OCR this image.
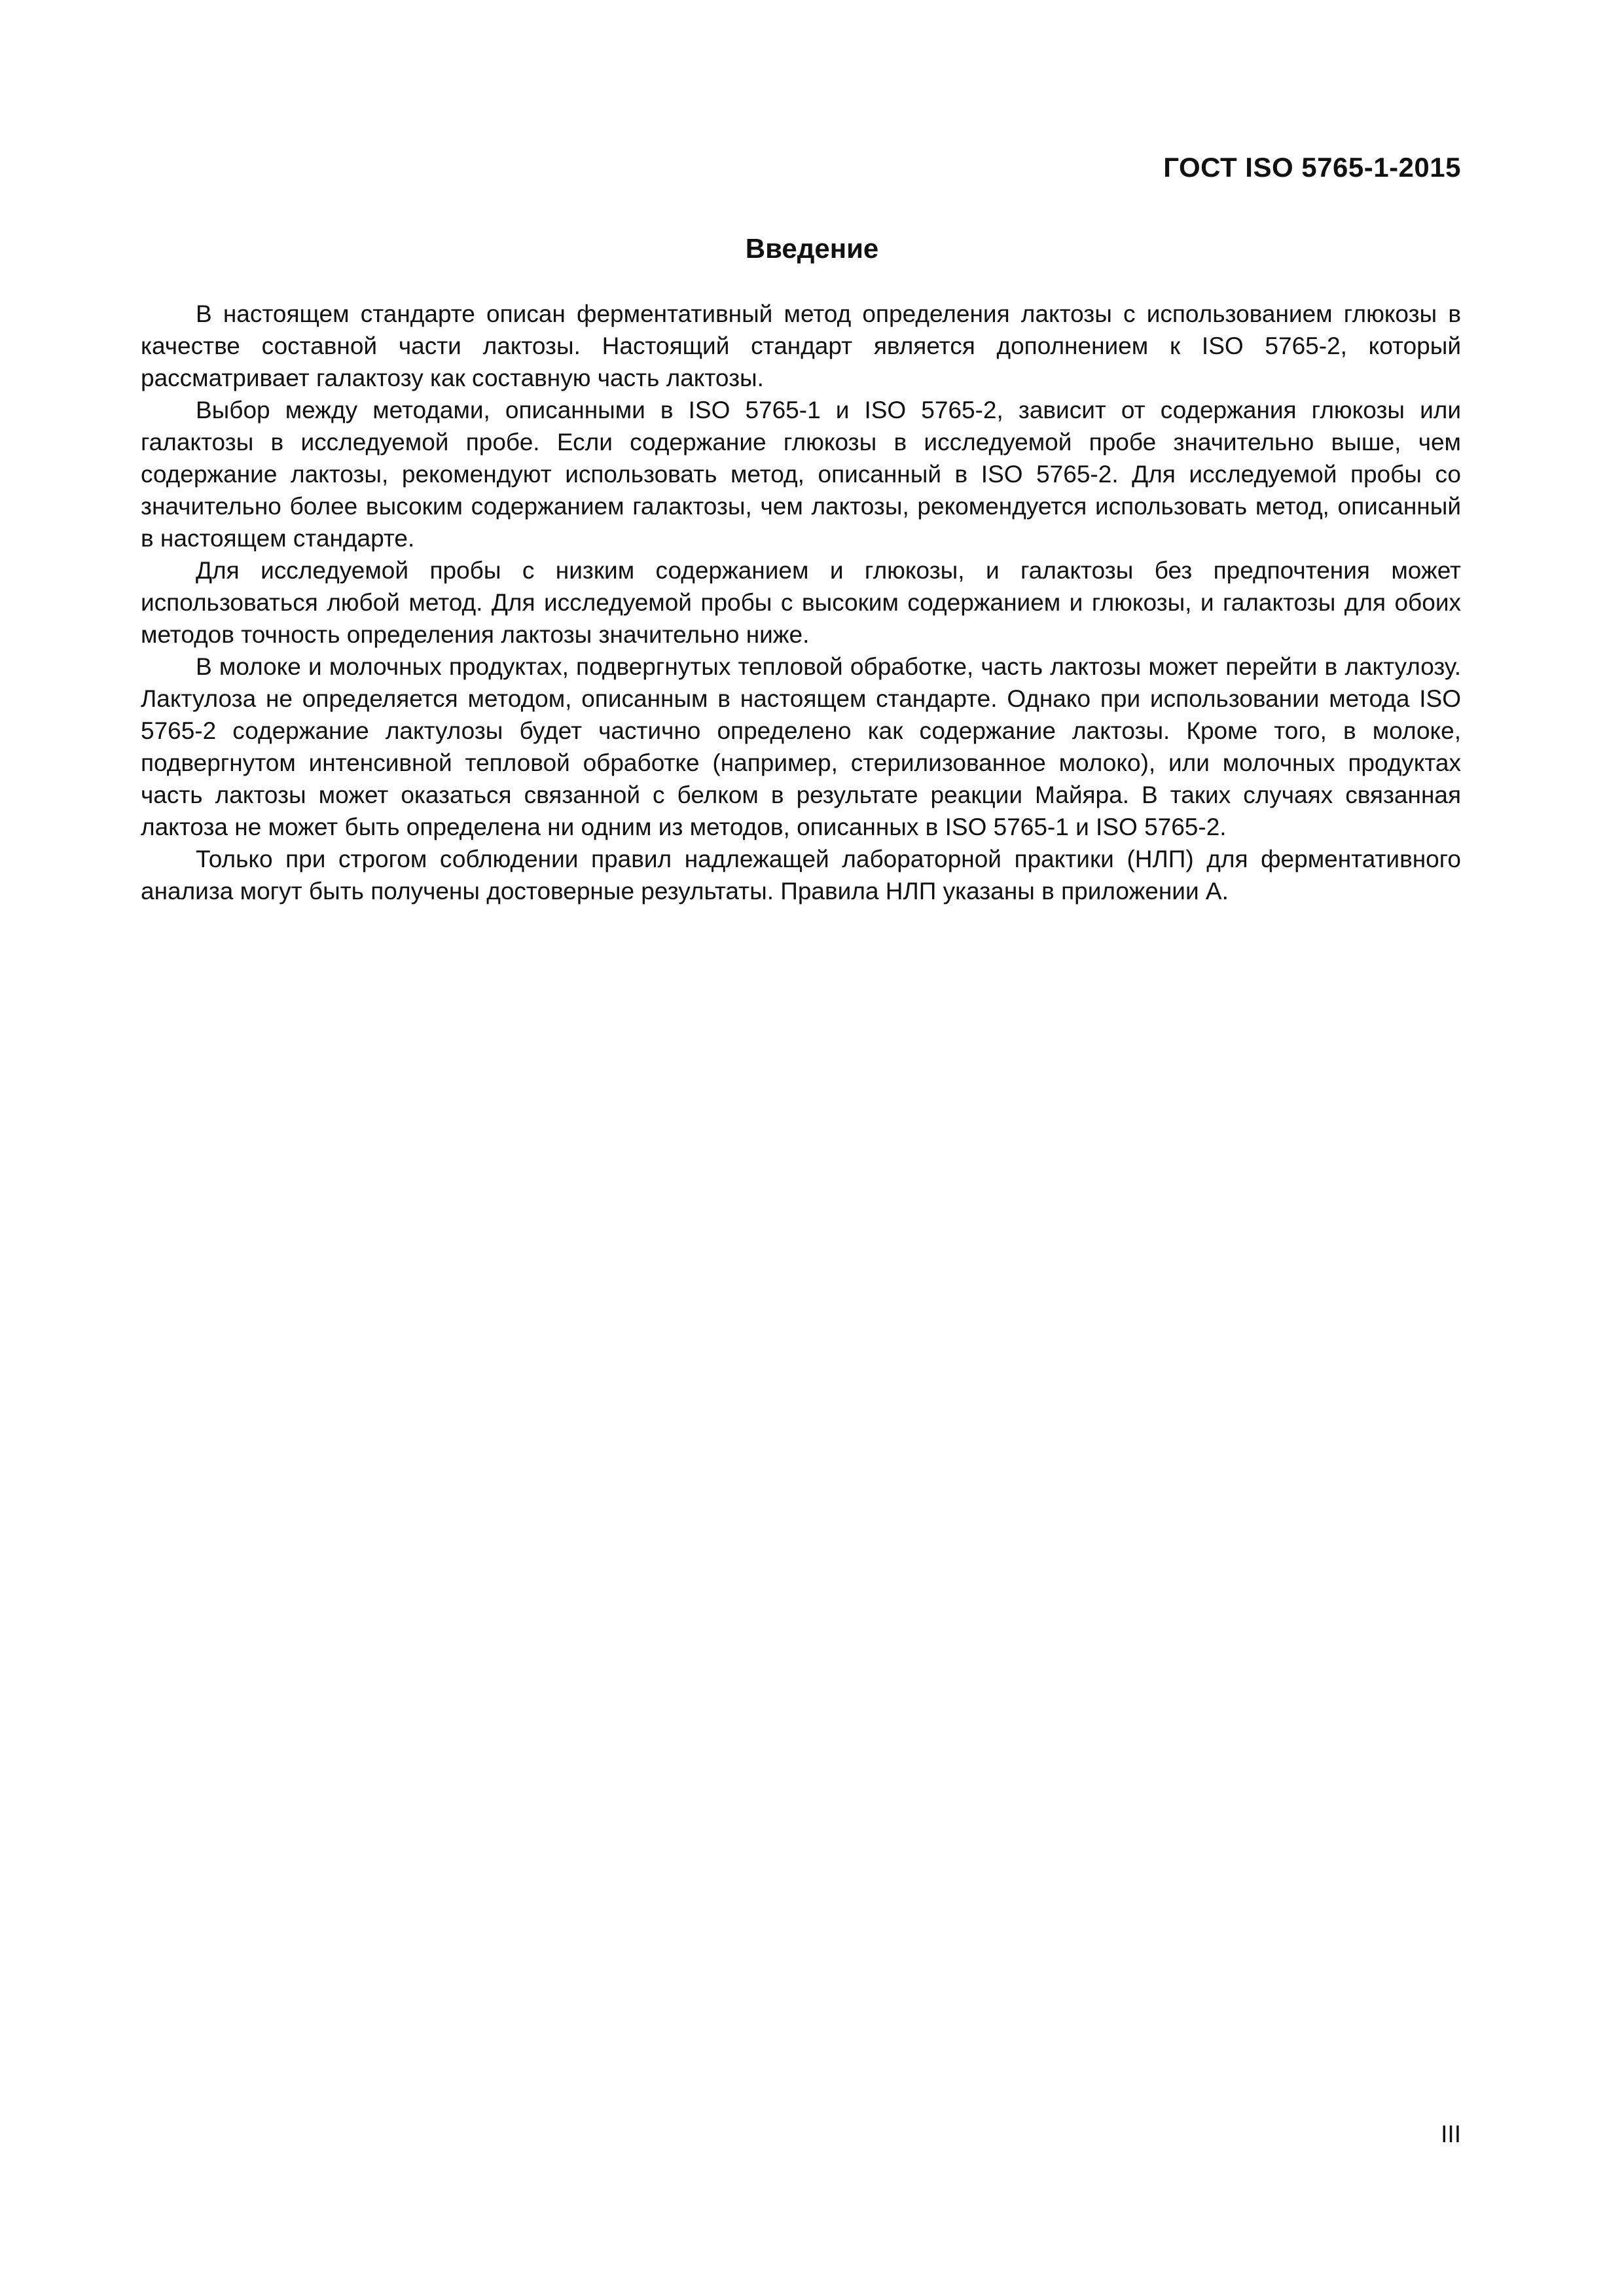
ГОСТ ISO 5765-1-2015
Введение

В настоящем стандарте описан ферментативный метод определения лактозы с использованием глюкозы в качестве составной части лактозы. Настоящий стандарт является дополнением к ISO 5765-2, который рассматривает галактозу как составную часть лактозы.

Выбор между методами, описанными в ISO 5765-1 и ISO 5765-2, зависит от содержания глюкозы или галактозы в исследуемой пробе. Если содержание глюкозы в исследуемой пробе значительно выше, чем содержание лактозы, рекомендуют использовать метод, описанный в ISO 5765-2. Для исследуемой пробы со значительно более высоким содержанием галактозы, чем лактозы, рекомендуется использовать метод, описанный в настоящем стандарте.

Для исследуемой пробы с низким содержанием и глюкозы, и галактозы без предпочтения может использоваться любой метод. Для исследуемой пробы с высоким содержанием и глюкозы, и галактозы для обоих методов точность определения лактозы значительно ниже.

В молоке и молочных продуктах, подвергнутых тепловой обработке, часть лактозы может перейти в лактулозу. Лактулоза не определяется методом, описанным в настоящем стандарте. Однако при использовании метода ISO 5765-2 содержание лактулозы будет частично определено как содержание лактозы. Кроме того, в молоке, подвергнутом интенсивной тепловой обработке (например, стерилизованное молоко), или молочных продуктах часть лактозы может оказаться связанной с белком в результате реакции Майяра. В таких случаях связанная лактоза не может быть определена ни одним из методов, описанных в ISO 5765-1 и ISO 5765-2.

Только при строгом соблюдении правил надлежащей лабораторной практики (НЛП) для ферментативного анализа могут быть получены достоверные результаты. Правила НЛП указаны в приложении А.

III
